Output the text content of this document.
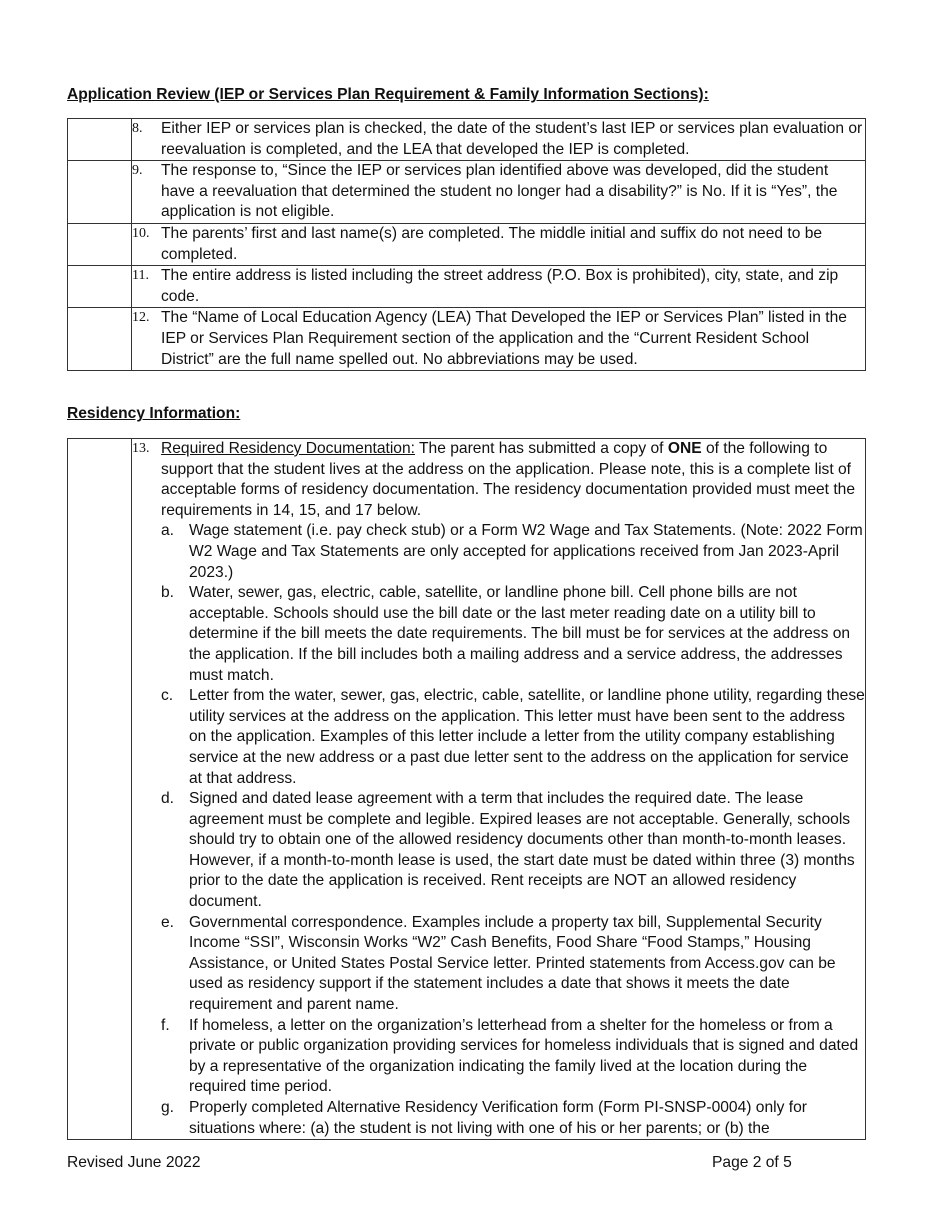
Application Review (IEP or Services Plan Requirement & Family Information Sections):

	8. Either IEP or services plan is checked, the date of the student’s last IEP or services plan evaluation or reevaluation is completed, and the LEA that developed the IEP is completed.

	9. The response to, “Since the IEP or services plan identified above was developed, did the student have a reevaluation that determined the student no longer had a disability?” is No. If it is “Yes”, the application is not eligible.

	10. The parents’ first and last name(s) are completed. The middle initial and suffix do not need to be completed.

	11. The entire address is listed including the street address (P.O. Box is prohibited), city, state, and zip code.

	12. The “Name of Local Education Agency (LEA) That Developed the IEP or Services Plan” listed in the IEP or Services Plan Requirement section of the application and the “Current Resident School District” are the full name spelled out. No abbreviations may be used.
Residency Information:

13. Required Residency Documentation: The parent has submitted a copy of ONE of the following to support that the student lives at the address on the application. Please note, this is a complete list of acceptable forms of residency documentation. The residency documentation provided must meet the requirements in 14, 15, and 17 below.
a. Wage statement (i.e. pay check stub) or a Form W2 Wage and Tax Statements. (Note: 2022 Form W2 Wage and Tax Statements are only accepted for applications received from Jan 2023-April 2023.)
b. Water, sewer, gas, electric, cable, satellite, or landline phone bill. Cell phone bills are not acceptable. Schools should use the bill date or the last meter reading date on a utility bill to determine if the bill meets the date requirements. The bill must be for services at the address on the application. If the bill includes both a mailing address and a service address, the addresses must match.
c.	Letter from the water, sewer, gas, electric, cable, satellite, or landline phone utility, regarding these utility services at the address on the application. This letter must have been sent to the address on the application. Examples of this letter include a letter from the utility company establishing service at the new address or a past due letter sent to the address on the application for service at that address.
d. Signed and dated lease agreement with a term that includes the required date. The lease agreement must be complete and legible. Expired leases are not acceptable. Generally, schools should try to obtain one of the allowed residency documents other than month-to-month leases. However, if a month-to-month lease is used, the start date must be dated within three (3) months prior to the date the application is received. Rent receipts are NOT an allowed residency document.
e. Governmental correspondence. Examples include a property tax bill, Supplemental Security Income “SSI”, Wisconsin Works “W2” Cash Benefits, Food Share “Food Stamps,” Housing Assistance, or United States Postal Service letter. Printed statements from Access.gov can be used as residency support if the statement includes a date that shows it meets the date requirement and parent name.
f.	If homeless, a letter on the organization’s letterhead from a shelter for the homeless or from a private or public organization providing services for homeless individuals that is signed and dated by a representative of the organization indicating the family lived at the location during the required time period.
g. Properly completed Alternative Residency Verification form (Form PI-SNSP-0004) only for situations where: (a) the student is not living with one of his or her parents; or (b) the
Revised June 2022	Page 2 of 5
